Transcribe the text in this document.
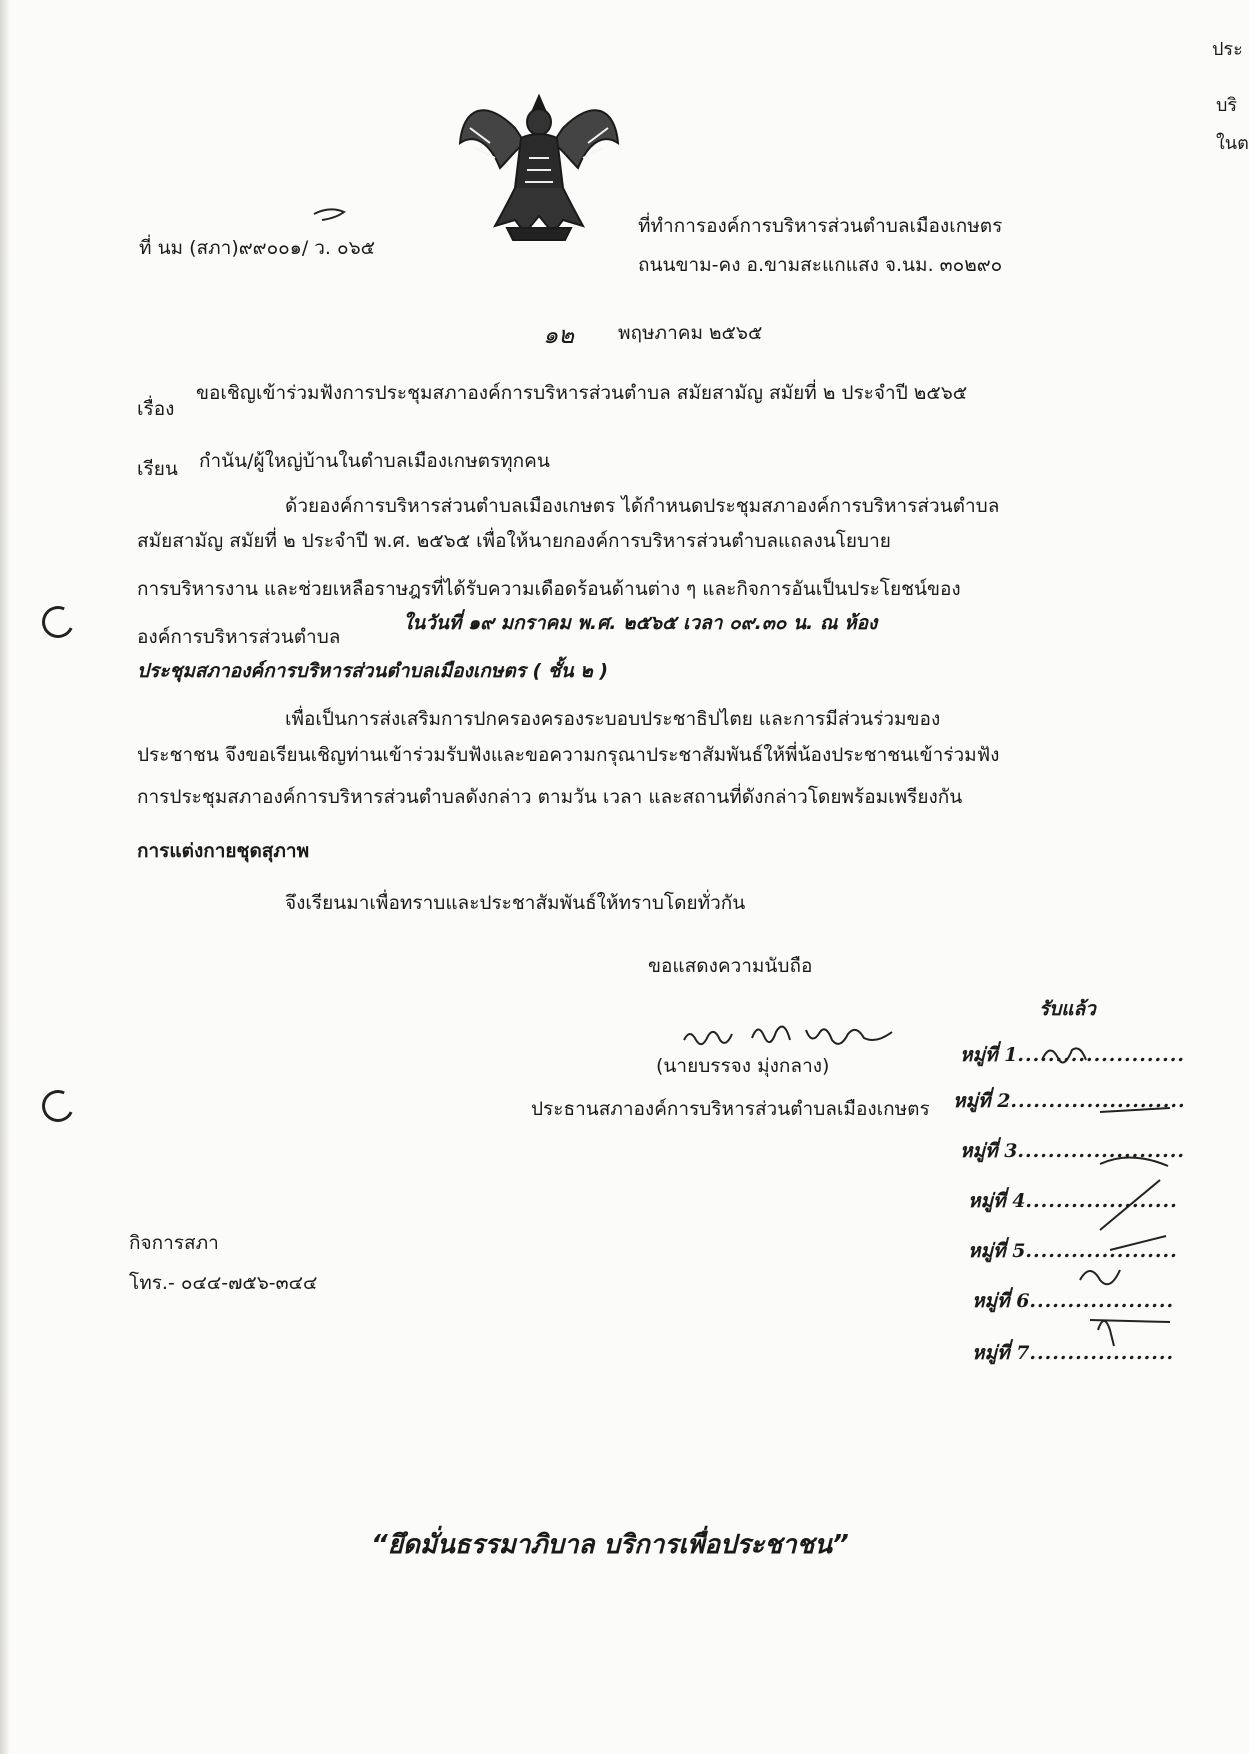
ประ
บริ
ในต
ที่ นม (สภา)๙๙๐๐๑/ ว. ๐๖๕
ที่ทำการองค์การบริหารส่วนตำบลเมืองเกษตร
ถนนขาม-คง อ.ขามสะแกแสง จ.นม. ๓๐๒๙๐
๑๒ พฤษภาคม ๒๕๖๕
เรื่อง
ขอเชิญเข้าร่วมฟังการประชุมสภาองค์การบริหารส่วนตำบล สมัยสามัญ สมัยที่ ๒ ประจำปี ๒๕๖๕
เรียน กำนัน/ผู้ใหญ่บ้านในตำบลเมืองเกษตรทุกคน
ด้วยองค์การบริหารส่วนตำบลเมืองเกษตร ได้กำหนดประชุมสภาองค์การบริหารส่วนตำบล
สมัยสามัญ สมัยที่ ๒ ประจำปี พ.ศ. ๒๕๖๕ เพื่อให้นายกองค์การบริหารส่วนตำบลแถลงนโยบาย
การบริหารงาน และช่วยเหลือราษฎรที่ได้รับความเดือดร้อนด้านต่าง ๆ และกิจการอันเป็นประโยชน์ของ
องค์การบริหารส่วนตำบล
ในวันที่ ๑๙ มกราคม พ.ศ. ๒๕๖๕ เวลา ๐๙.๓๐ น. ณ ห้อง
ประชุมสภาองค์การบริหารส่วนตำบลเมืองเกษตร ( ชั้น ๒ )
เพื่อเป็นการส่งเสริมการปกครองครองระบอบประชาธิปไตย และการมีส่วนร่วมของ
ประชาชน จึงขอเรียนเชิญท่านเข้าร่วมรับฟังและขอความกรุณาประชาสัมพันธ์ให้พี่น้องประชาชนเข้าร่วมฟัง
การประชุมสภาองค์การบริหารส่วนตำบลดังกล่าว ตามวัน เวลา และสถานที่ดังกล่าวโดยพร้อมเพรียงกัน
การแต่งกายชุดสุภาพ
จึงเรียนมาเพื่อทราบและประชาสัมพันธ์ให้ทราบโดยทั่วกัน
ขอแสดงความนับถือ
(นายบรรจง มุ่งกลาง)
ประธานสภาองค์การบริหารส่วนตำบลเมืองเกษตร
รับแล้ว
หมู่ที่ 1......................
หมู่ที่ 2.......................
หมู่ที่ 3......................
หมู่ที่ 4....................
หมู่ที่ 5....................
หมู่ที่ 6...................
หมู่ที่ 7...................
กิจการสภา
โทร.- ๐๔๔-๗๕๖-๓๔๔
“ยึดมั่นธรรมาภิบาล บริการเพื่อประชาชน”
